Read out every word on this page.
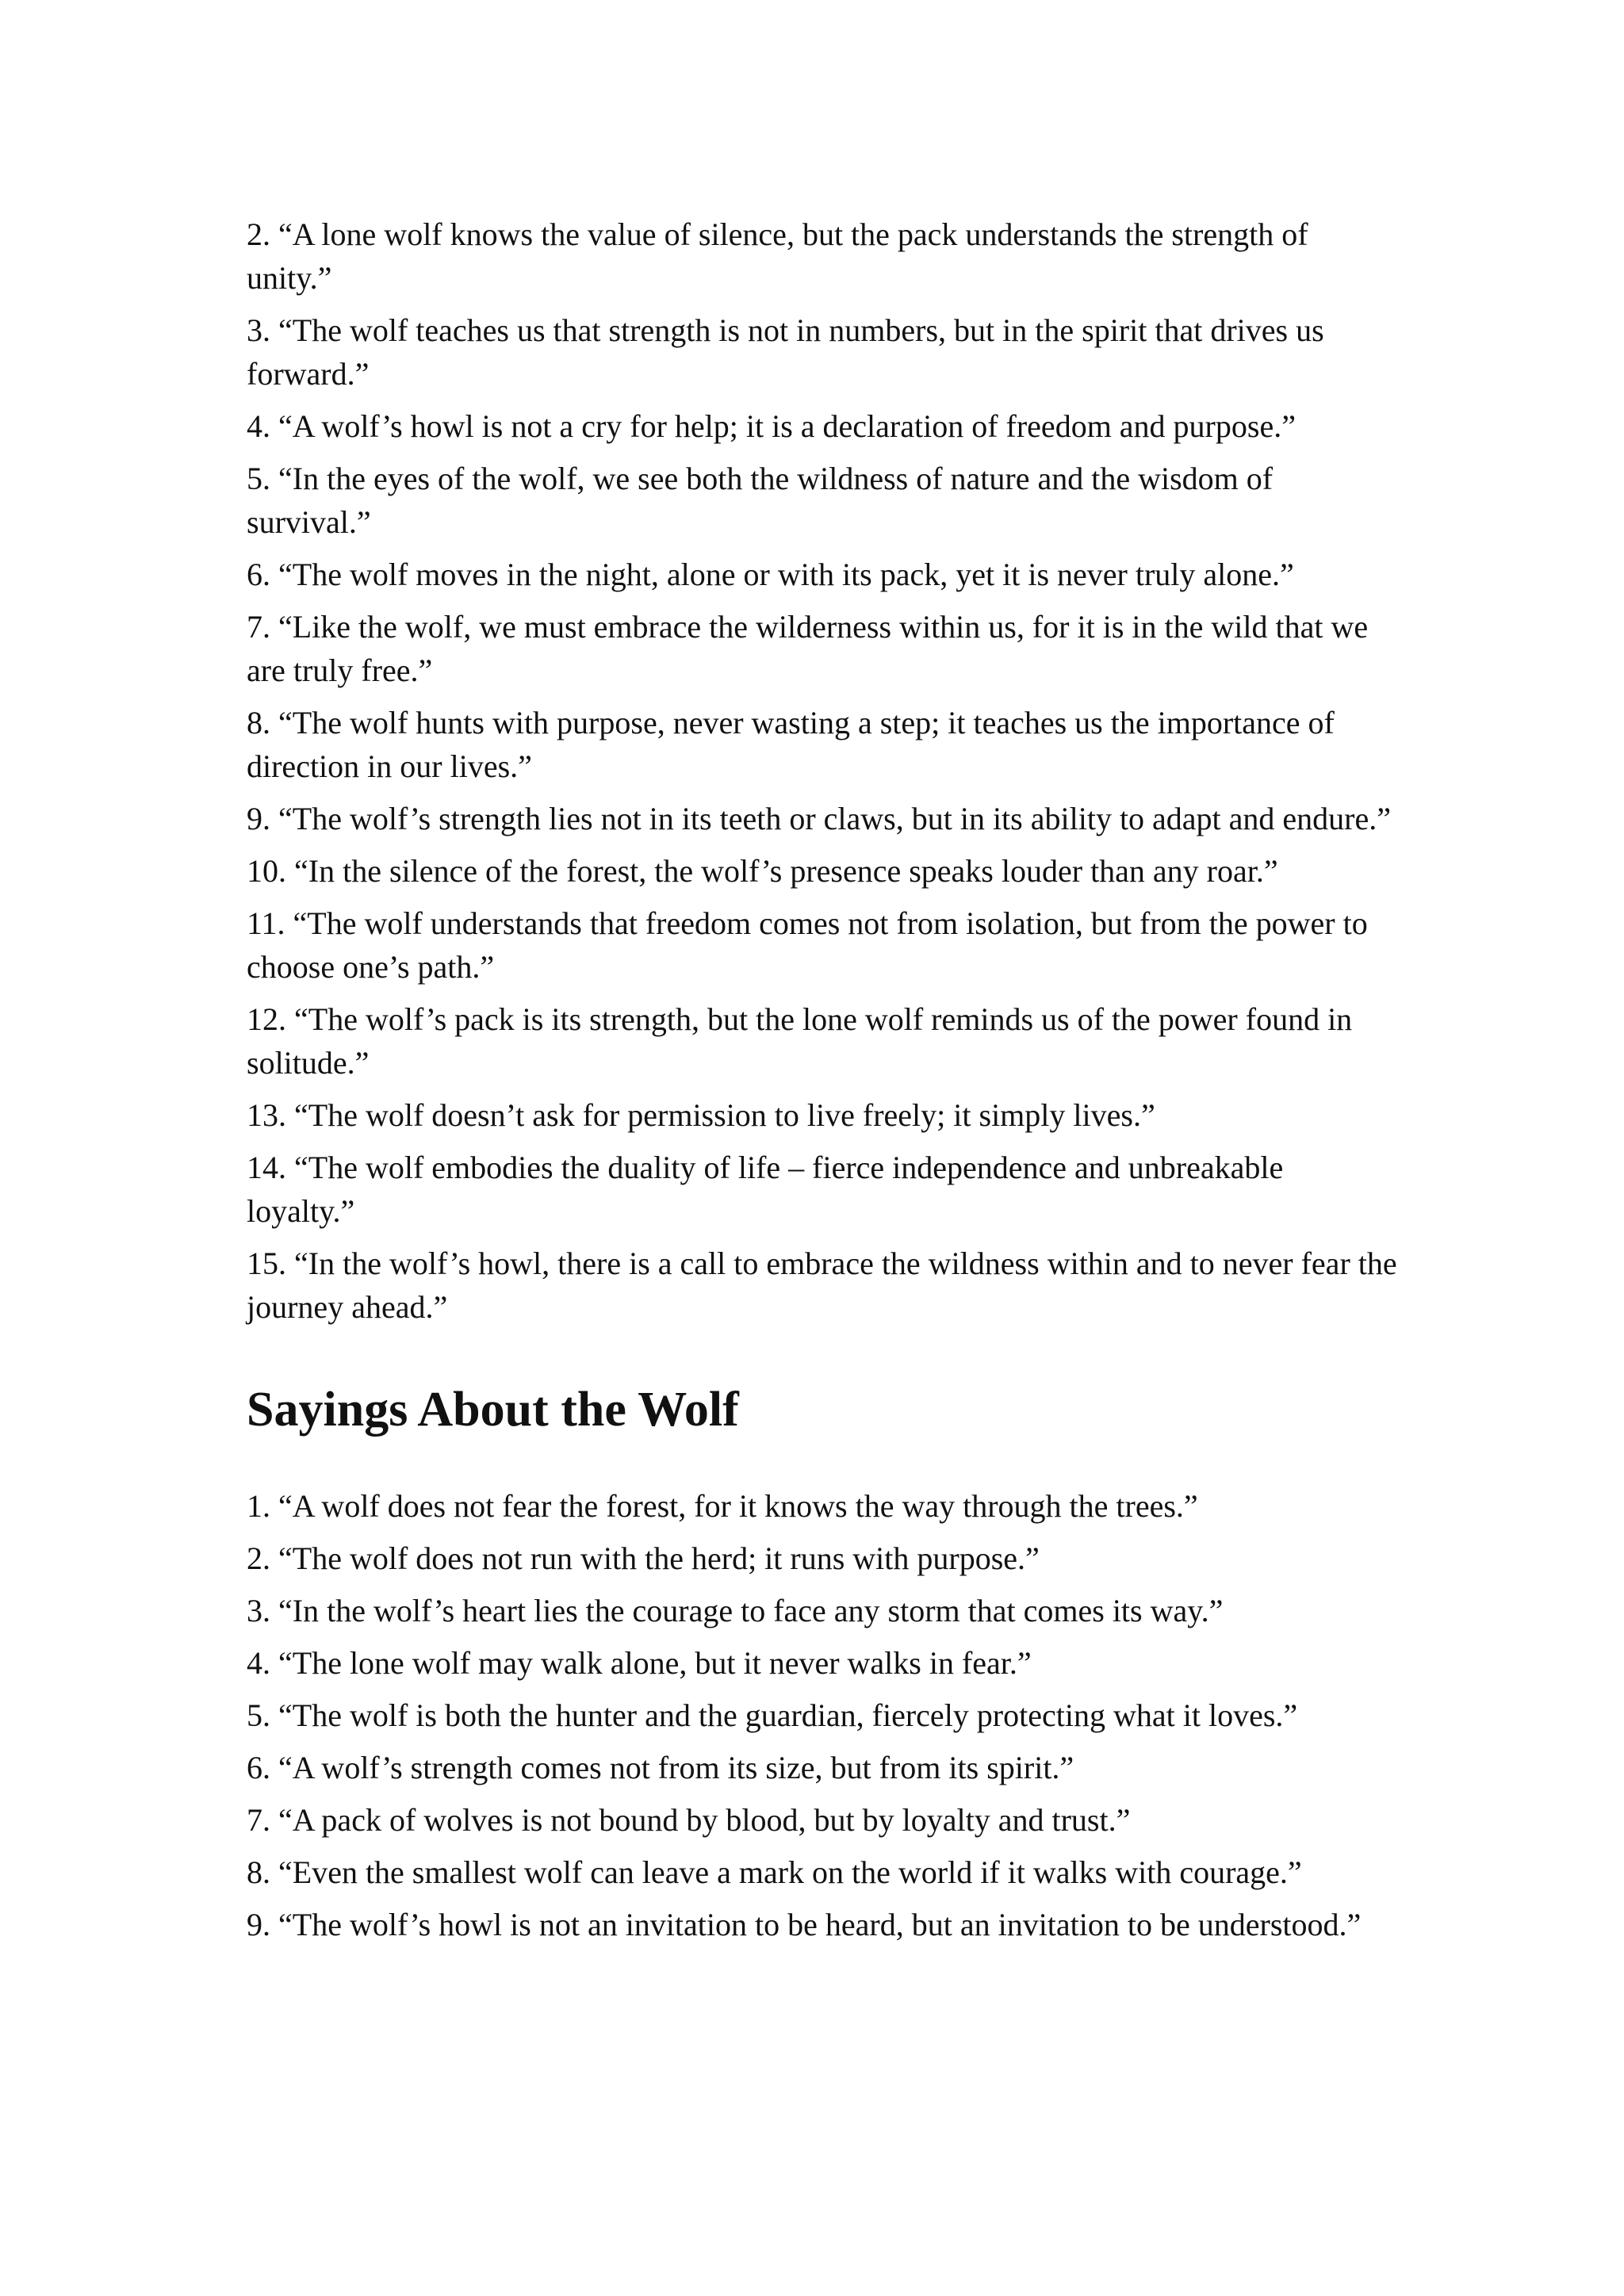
2. “A lone wolf knows the value of silence, but the pack understands the strength of unity.”

3. “The wolf teaches us that strength is not in numbers, but in the spirit that drives us forward.”

4. “A wolf’s howl is not a cry for help; it is a declaration of freedom and purpose.”

5. “In the eyes of the wolf, we see both the wildness of nature and the wisdom of survival.”

6. “The wolf moves in the night, alone or with its pack, yet it is never truly alone.”

7. “Like the wolf, we must embrace the wilderness within us, for it is in the wild that we are truly free.”

8. “The wolf hunts with purpose, never wasting a step; it teaches us the importance of direction in our lives.”

9. “The wolf’s strength lies not in its teeth or claws, but in its ability to adapt and endure.”

10. “In the silence of the forest, the wolf’s presence speaks louder than any roar.”

11. “The wolf understands that freedom comes not from isolation, but from the power to choose one’s path.”

12. “The wolf’s pack is its strength, but the lone wolf reminds us of the power found in solitude.”

13. “The wolf doesn’t ask for permission to live freely; it simply lives.”

14. “The wolf embodies the duality of life – fierce independence and unbreakable loyalty.”

15. “In the wolf’s howl, there is a call to embrace the wildness within and to never fear the journey ahead.”

Sayings About the Wolf

1. “A wolf does not fear the forest, for it knows the way through the trees.”

2. “The wolf does not run with the herd; it runs with purpose.”

3. “In the wolf’s heart lies the courage to face any storm that comes its way.”

4. “The lone wolf may walk alone, but it never walks in fear.”

5. “The wolf is both the hunter and the guardian, fiercely protecting what it loves.”

6. “A wolf’s strength comes not from its size, but from its spirit.”

7. “A pack of wolves is not bound by blood, but by loyalty and trust.”

8. “Even the smallest wolf can leave a mark on the world if it walks with courage.”

9. “The wolf’s howl is not an invitation to be heard, but an invitation to be understood.”
